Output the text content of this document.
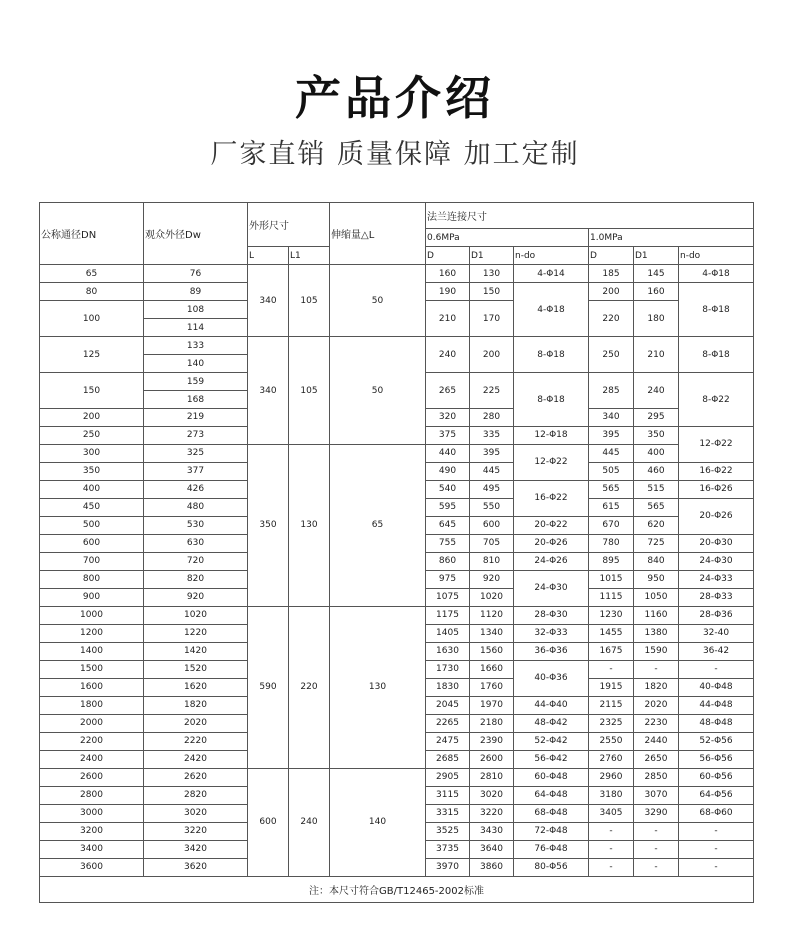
产品介绍
厂家直销 质量保障 加工定制
公称通径DN	观众外径Dw	外形尺寸		伸缩量△L	法兰连接尺寸					
					0.6MPa			1.0MPa		
		L	L1		D	D1	n-do	D	D1	n-do
65	76	340	105	50	160	130	4-Φ14	185	145	4-Φ18
80	89				190	150	4-Φ18	200	160	8-Φ18
100	108				210	170		220	180	
	114									
125	133	340	105	50	240	200	8-Φ18	250	210	8-Φ18
	140									
150	159				265	225	8-Φ18	285	240	8-Φ22
	168									
200	219				320	280		340	295	
250	273				375	335	12-Φ18	395	350	12-Φ22
300	325	350	130	65	440	395	12-Φ22	445	400	
350	377				490	445		505	460	16-Φ22
400	426				540	495	16-Φ22	565	515	16-Φ26
450	480				595	550		615	565	20-Φ26
500	530				645	600	20-Φ22	670	620	
600	630				755	705	20-Φ26	780	725	20-Φ30
700	720				860	810	24-Φ26	895	840	24-Φ30
800	820				975	920	24-Φ30	1015	950	24-Φ33
900	920				1075	1020		1115	1050	28-Φ33
1000	1020	590	220	130	1175	1120	28-Φ30	1230	1160	28-Φ36
1200	1220				1405	1340	32-Φ33	1455	1380	32-40
1400	1420				1630	1560	36-Φ36	1675	1590	36-42
1500	1520				1730	1660	40-Φ36	-	-	-
1600	1620				1830	1760		1915	1820	40-Φ48
1800	1820				2045	1970	44-Φ40	2115	2020	44-Φ48
2000	2020				2265	2180	48-Φ42	2325	2230	48-Φ48
2200	2220				2475	2390	52-Φ42	2550	2440	52-Φ56
2400	2420				2685	2600	56-Φ42	2760	2650	56-Φ56
2600	2620	600	240	140	2905	2810	60-Φ48	2960	2850	60-Φ56
2800	2820				3115	3020	64-Φ48	3180	3070	64-Φ56
3000	3020				3315	3220	68-Φ48	3405	3290	68-Φ60
3200	3220				3525	3430	72-Φ48	-	-	-
3400	3420				3735	3640	76-Φ48	-	-	-
3600	3620				3970	3860	80-Φ56	-	-	-
注：本尺寸符合GB/T12465-2002标准										
